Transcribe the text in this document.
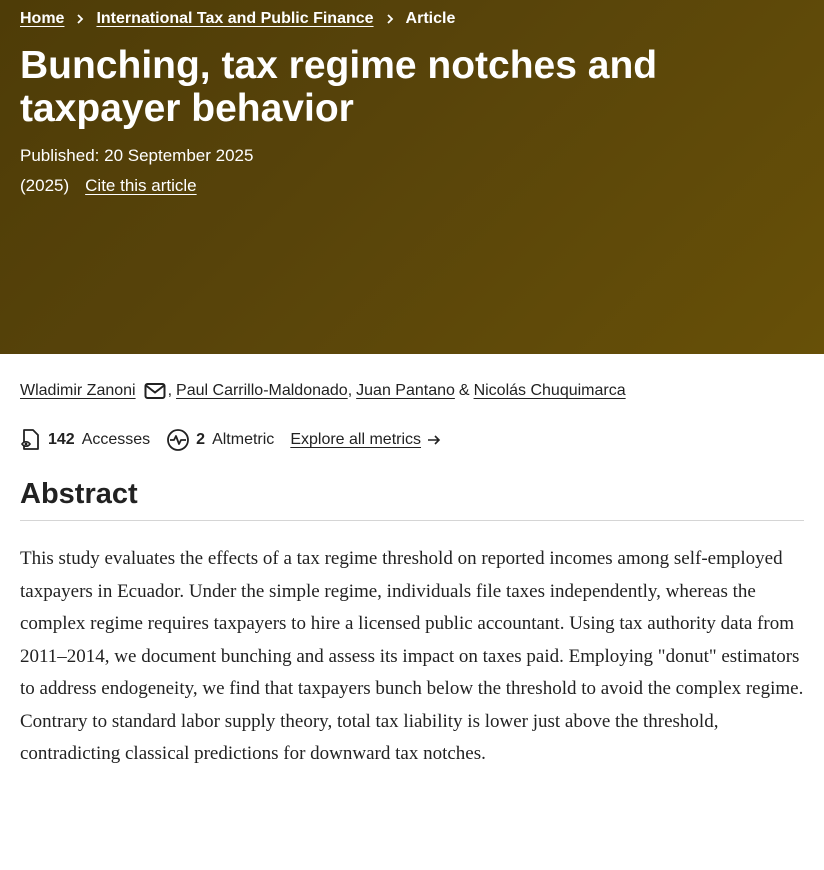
Home International Tax and Public Finance Article
Bunching, tax regime notches and taxpayer behavior
Published: 20 September 2025
(2025) Cite this article
Wladimir Zanoni , Paul Carrillo-Maldonado , Juan Pantano & Nicolás Chuquimarca
142 Accesses	2 Altmetric Explore all metrics
Abstract

This study evaluates the effects of a tax regime threshold on reported incomes among self-employed taxpayers in Ecuador. Under the simple regime, individuals file taxes independently, whereas the complex regime requires taxpayers to hire a licensed public accountant. Using tax authority data from 2011–2014, we document bunching and assess its impact on taxes paid. Employing "donut" estimators to address endogeneity, we find that taxpayers bunch below the threshold to avoid the complex regime. Contrary to standard labor supply theory, total tax liability is lower just above the threshold, contradicting classical predictions for downward tax notches.
